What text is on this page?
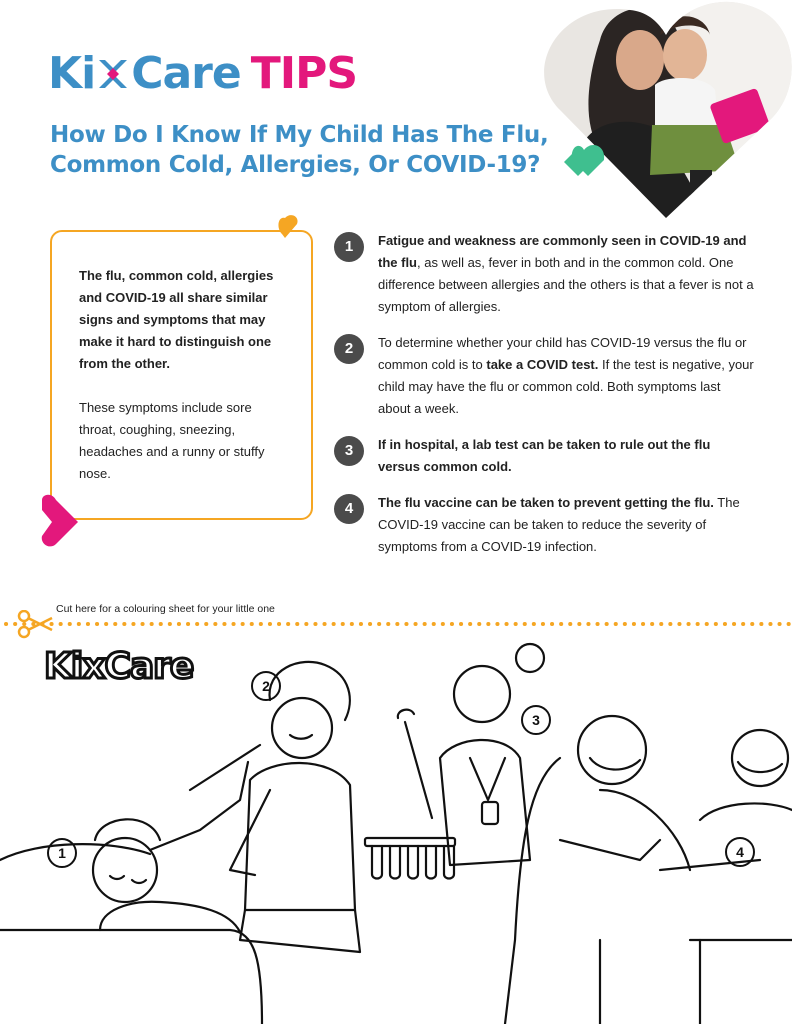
Ki Care TIPS
How Do I Know If My Child Has The Flu,
Common Cold, Allergies, Or COVID-19?

The flu, common cold, allergies and COVID-19 all share similar signs and symptoms that may make it hard to distinguish one from the other.

These symptoms include sore throat, coughing, sneezing, headaches and a runny or stuffy nose.

1	Fatigue and weakness are commonly seen in COVID-19 and the flu, as well as, fever in both and in the common cold. One difference between allergies and the others is that a fever is not a symptom of allergies.

2	To determine whether your child has COVID-19 versus the flu or common cold is to take a COVID test. If the test is negative, your child may have the flu or common cold. Both symptoms last about a week.

3	If in hospital, a lab test can be taken to rule out the flu versus common cold.

4	The flu vaccine can be taken to prevent getting the flu. The COVID-19 vaccine can be taken to reduce the severity of symptoms from a COVID-19 infection.

Cut here for a colouring sheet for your little one
KixCare
1
2
3
4
